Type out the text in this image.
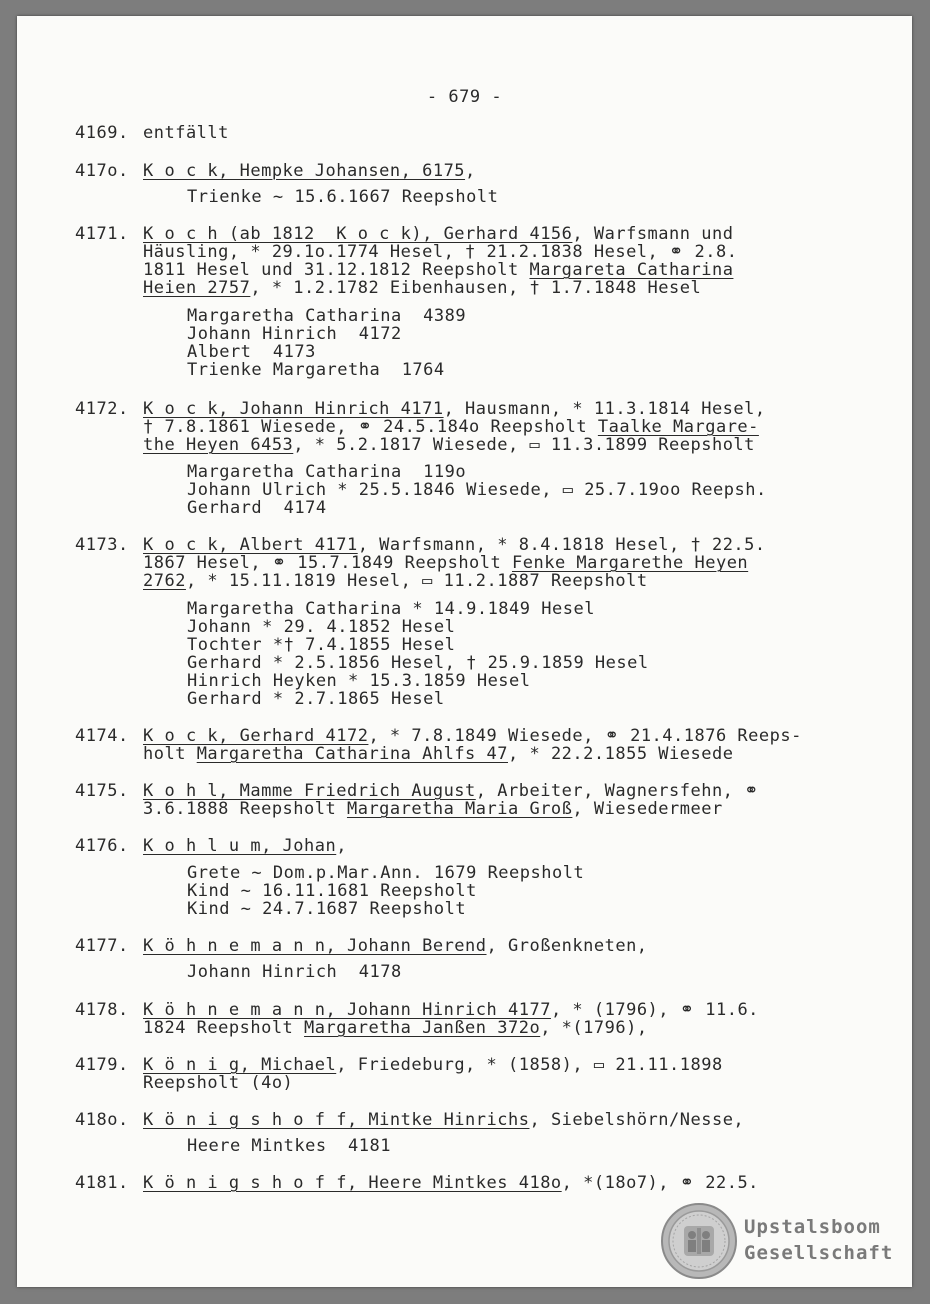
- 679 -
4169. entfällt
417o. K o c k, Hempke Johansen, 6175,
Trienke ~ 15.6.1667 Reepsholt
4171. K o c h (ab 1812  K o c k), Gerhard 4156, Warfsmann und
Häusling, * 29.1o.1774 Hesel, † 21.2.1838 Hesel, ⚭ 2.8.
1811 Hesel und 31.12.1812 Reepsholt Margareta Catharina
Heien 2757, * 1.2.1782 Eibenhausen, † 1.7.1848 Hesel
Margaretha Catharina  4389
Johann Hinrich  4172
Albert  4173
Trienke Margaretha  1764
4172. K o c k, Johann Hinrich 4171, Hausmann, * 11.3.1814 Hesel,
† 7.8.1861 Wiesede, ⚭ 24.5.184o Reepsholt Taalke Margare-
the Heyen 6453, * 5.2.1817 Wiesede, ▭ 11.3.1899 Reepsholt
Margaretha Catharina  119o
Johann Ulrich * 25.5.1846 Wiesede, ▭ 25.7.19oo Reepsh.
Gerhard  4174
4173. K o c k, Albert 4171, Warfsmann, * 8.4.1818 Hesel, † 22.5.
1867 Hesel, ⚭ 15.7.1849 Reepsholt Fenke Margarethe Heyen
2762, * 15.11.1819 Hesel, ▭ 11.2.1887 Reepsholt
Margaretha Catharina * 14.9.1849 Hesel
Johann * 29. 4.1852 Hesel
Tochter *† 7.4.1855 Hesel
Gerhard * 2.5.1856 Hesel, † 25.9.1859 Hesel
Hinrich Heyken * 15.3.1859 Hesel
Gerhard * 2.7.1865 Hesel
4174. K o c k, Gerhard 4172, * 7.8.1849 Wiesede, ⚭ 21.4.1876 Reeps-
holt Margaretha Catharina Ahlfs 47, * 22.2.1855 Wiesede
4175. K o h l, Mamme Friedrich August, Arbeiter, Wagnersfehn, ⚭
3.6.1888 Reepsholt Margaretha Maria Groß, Wiesedermeer
4176. K o h l u m, Johan,
Grete ~ Dom.p.Mar.Ann. 1679 Reepsholt
Kind ~ 16.11.1681 Reepsholt
Kind ~ 24.7.1687 Reepsholt
4177. K ö h n e m a n n, Johann Berend, Großenkneten,
Johann Hinrich  4178
4178. K ö h n e m a n n, Johann Hinrich 4177, * (1796), ⚭ 11.6.
1824 Reepsholt Margaretha Janßen 372o, *(1796),
4179. K ö n i g, Michael, Friedeburg, * (1858), ▭ 21.11.1898
Reepsholt (4o)
418o. K ö n i g s h o f f, Mintke Hinrichs, Siebelshörn/Nesse,
Heere Mintkes  4181
4181. K ö n i g s h o f f, Heere Mintkes 418o, *(18o7), ⚭ 22.5.
Upstalsboom
Gesellschaft
